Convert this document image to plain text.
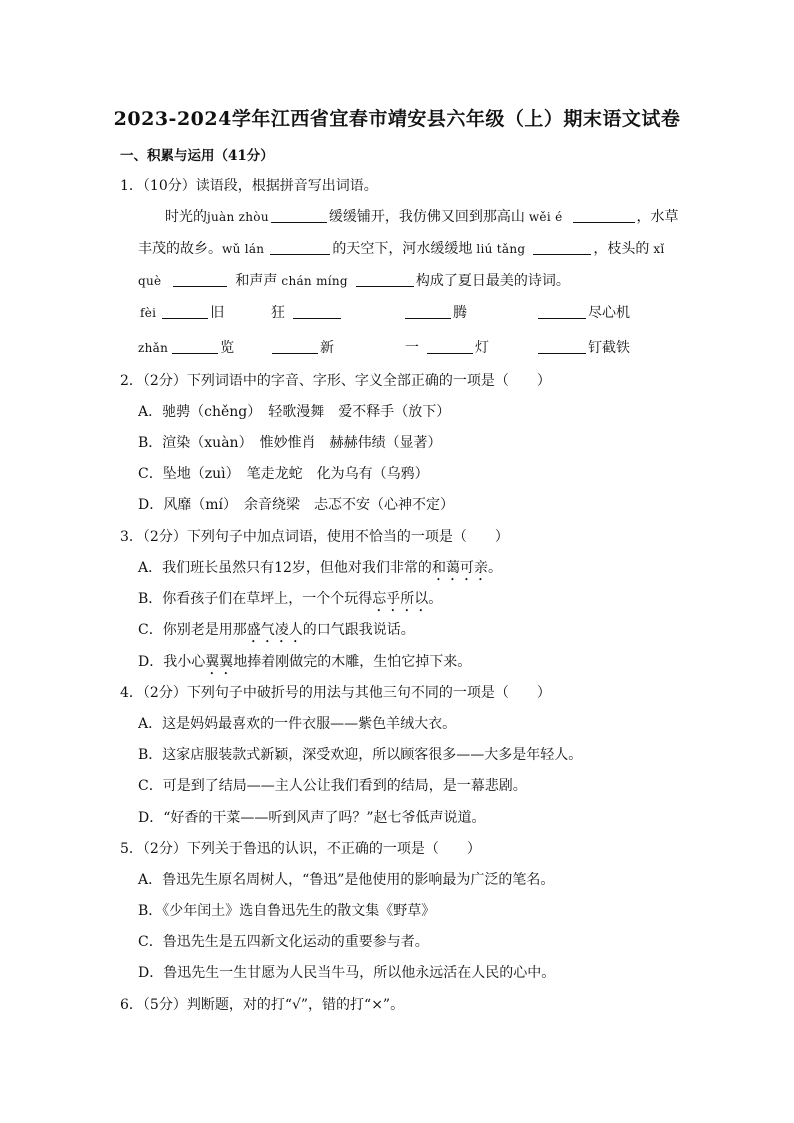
2023-2024学年江西省宜春市靖安县六年级（上）期末语文试卷
一、积累与运用（41分）
1．（10分）读语段，根据拼音写出词语。
时光的juàn zhòu	缓缓铺开，我仿佛又回到那高山 wěi é	，水草
丰茂的故乡。wǔ lán	的天空下，河水缓缓地 liú tǎng	，枝头的 xǐ
què	和声声 chán míng	构成了夏日最美的诗词。
fèi	旧	狂	腾	尽心机
zhǎn	览	新	一	灯	钉截铁
2．（2分）下列词语中的字音、字形、字义全部正确的一项是（　　）
A．驰骋（chěng）　轻歌漫舞　爱不释手（放下）
B．渲染（xuàn）　惟妙惟肖　赫赫伟绩（显著）
C．坠地（zuì）　笔走龙蛇　化为乌有（乌鸦）
D．风靡（mí）　余音绕梁　忐忑不安（心神不定）
3．（2分）下列句子中加点词语，使用不恰当的一项是（　　）
A．我们班长虽然只有12岁，但他对我们非常的和蔼可亲。
B．你看孩子们在草坪上，一个个玩得忘乎所以。
C．你别老是用那盛气凌人的口气跟我说话。
D．我小心翼翼地捧着刚做完的木雕，生怕它掉下来。
4．（2分）下列句子中破折号的用法与其他三句不同的一项是（　　）
A．这是妈妈最喜欢的一件衣服——紫色羊绒大衣。
B．这家店服装款式新颖，深受欢迎，所以顾客很多——大多是年轻人。
C．可是到了结局——主人公让我们看到的结局，是一幕悲剧。
D．“好香的干菜——听到风声了吗？”赵七爷低声说道。
5．（2分）下列关于鲁迅的认识，不正确的一项是（　　）
A．鲁迅先生原名周树人，“鲁迅”是他使用的影响最为广泛的笔名。
B．《少年闰土》选自鲁迅先生的散文集《野草》
C．鲁迅先生是五四新文化运动的重要参与者。
D．鲁迅先生一生甘愿为人民当牛马，所以他永远活在人民的心中。
6．（5分）判断题，对的打“√”，错的打“×”。
